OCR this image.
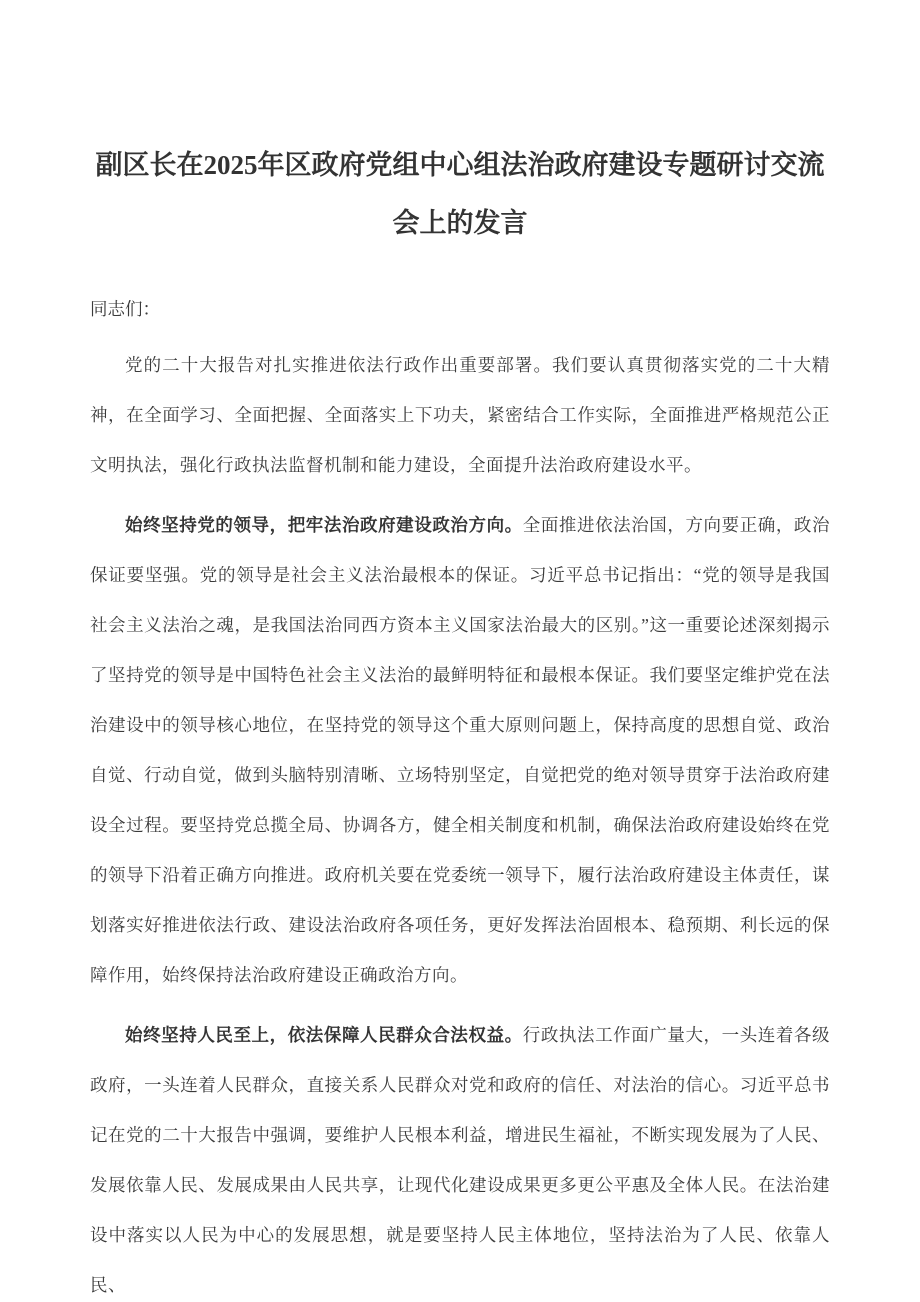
副区长在2025年区政府党组中心组法治政府建设专题研讨交流会上的发言

同志们：

党的二十大报告对扎实推进依法行政作出重要部署。我们要认真贯彻落实党的二十大精神，在全面学习、全面把握、全面落实上下功夫，紧密结合工作实际，全面推进严格规范公正文明执法，强化行政执法监督机制和能力建设，全面提升法治政府建设水平。

始终坚持党的领导，把牢法治政府建设政治方向。全面推进依法治国，方向要正确，政治保证要坚强。党的领导是社会主义法治最根本的保证。习近平总书记指出：“党的领导是我国社会主义法治之魂，是我国法治同西方资本主义国家法治最大的区别。”这一重要论述深刻揭示了坚持党的领导是中国特色社会主义法治的最鲜明特征和最根本保证。我们要坚定维护党在法治建设中的领导核心地位，在坚持党的领导这个重大原则问题上，保持高度的思想自觉、政治自觉、行动自觉，做到头脑特别清晰、立场特别坚定，自觉把党的绝对领导贯穿于法治政府建设全过程。要坚持党总揽全局、协调各方，健全相关制度和机制，确保法治政府建设始终在党的领导下沿着正确方向推进。政府机关要在党委统一领导下，履行法治政府建设主体责任，谋划落实好推进依法行政、建设法治政府各项任务，更好发挥法治固根本、稳预期、利长远的保障作用，始终保持法治政府建设正确政治方向。

始终坚持人民至上，依法保障人民群众合法权益。行政执法工作面广量大，一头连着各级政府，一头连着人民群众，直接关系人民群众对党和政府的信任、对法治的信心。习近平总书记在党的二十大报告中强调，要维护人民根本利益，增进民生福祉，不断实现发展为了人民、发展依靠人民、发展成果由人民共享，让现代化建设成果更多更公平惠及全体人民。在法治建设中落实以人民为中心的发展思想，就是要坚持人民主体地位，坚持法治为了人民、依靠人民、
